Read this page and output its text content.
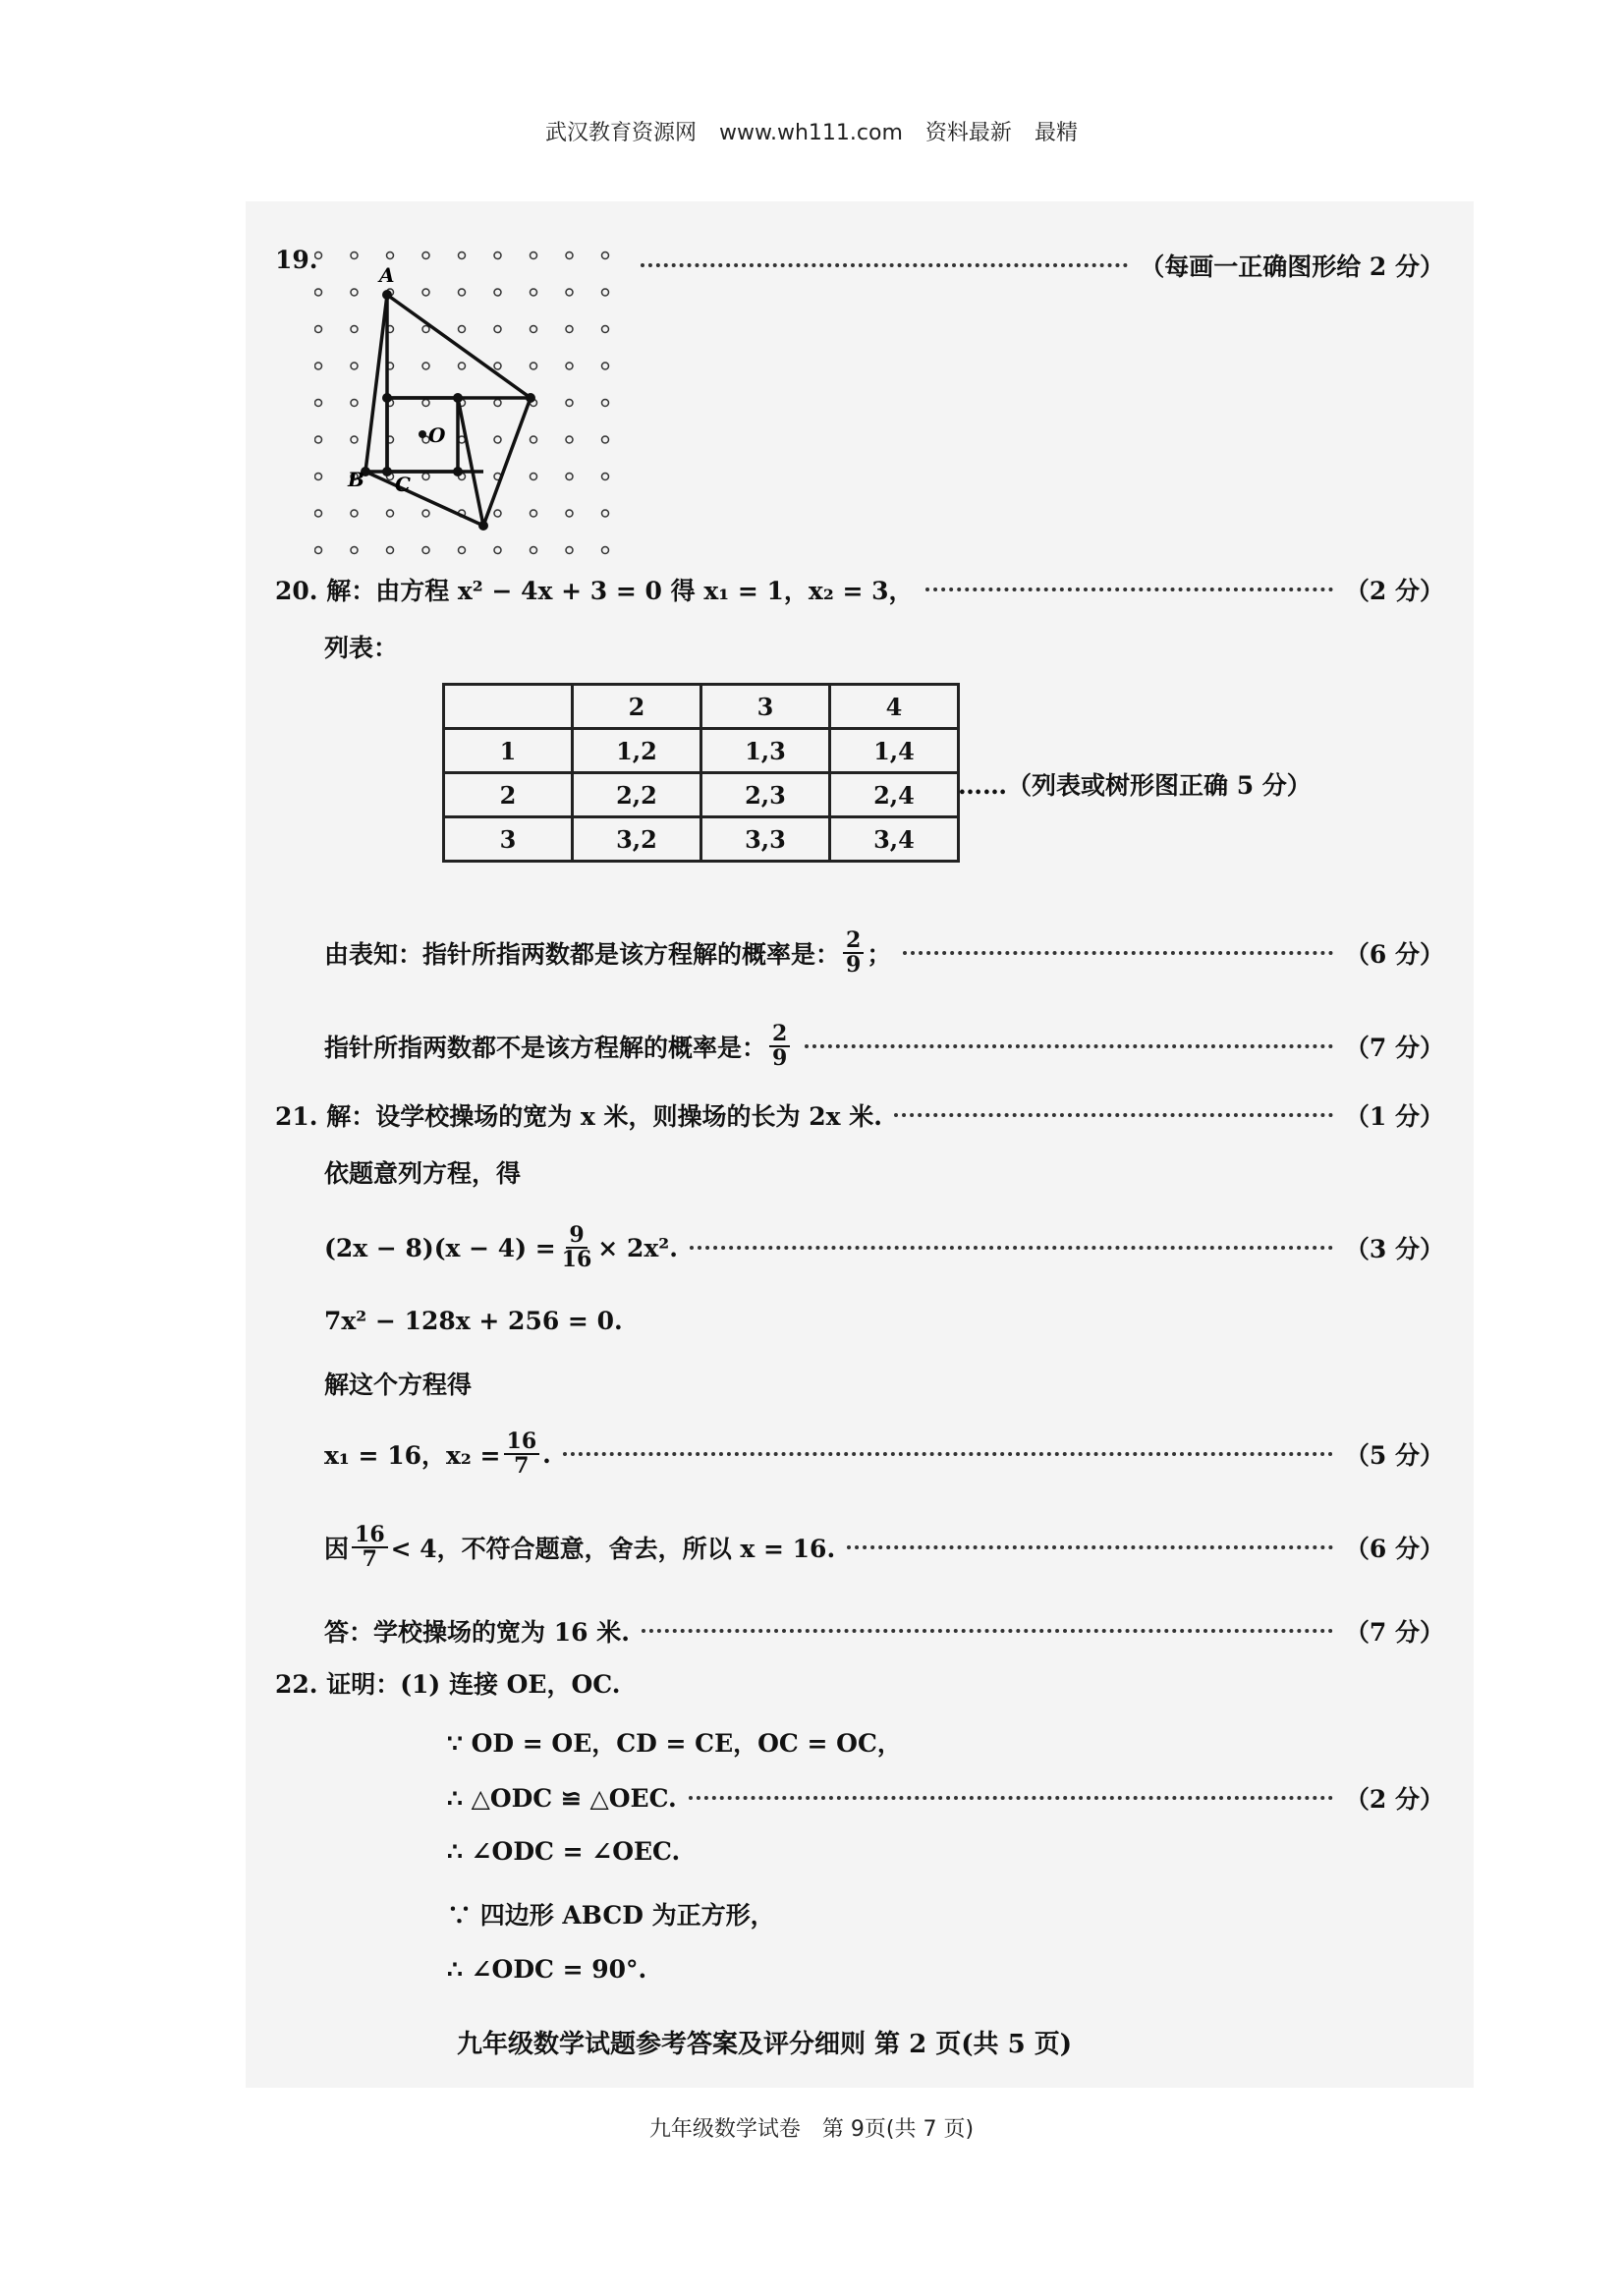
武汉教育资源网 www.wh111.com 资料最新 最精
19.
A
B C
O
（每画一正确图形给 2 分）
20. 解：由方程 x² − 4x + 3 = 0 得 x₁ = 1，x₂ = 3，	（2 分）
列表：
	2	3	4
1	1,2	1,3	1,4
2	2,2	2,3	2,4
3	3,2	3,3	3,4
……（列表或树形图正确 5 分）
由表知：指针所指两数都是该方程解的概率是： $\frac{2}{9}$ ；	（6 分）
指针所指两数都不是该方程解的概率是： $\frac{2}{9}$	（7 分）
21. 解：设学校操场的宽为 x 米，则操场的长为 2x 米.	（1 分）
依题意列方程，得
$(2x - 8)(x - 4) = \frac{9}{16} \times 2x^2$.	（3 分）
7x² − 128x + 256 = 0.
解这个方程得
x₁ = 16，$x_2 = \frac{16}{7}$ .	（5 分）
因 $\frac{16}{7} < 4$，不符合题意，舍去，所以 x = 16.	（6 分）
答：学校操场的宽为 16 米.	（7 分）
22. 证明：(1) 连接 OE，OC.
∵ OD = OE，CD = CE，OC = OC，
∴ △ODC ≌ △OEC.	（2 分）
∴ ∠ODC = ∠OEC.
∵ 四边形 ABCD 为正方形，
∴ ∠ODC = 90°.
九年级数学试题参考答案及评分细则 第 2 页(共 5 页)
九年级数学试卷　第 9页(共 7 页)
